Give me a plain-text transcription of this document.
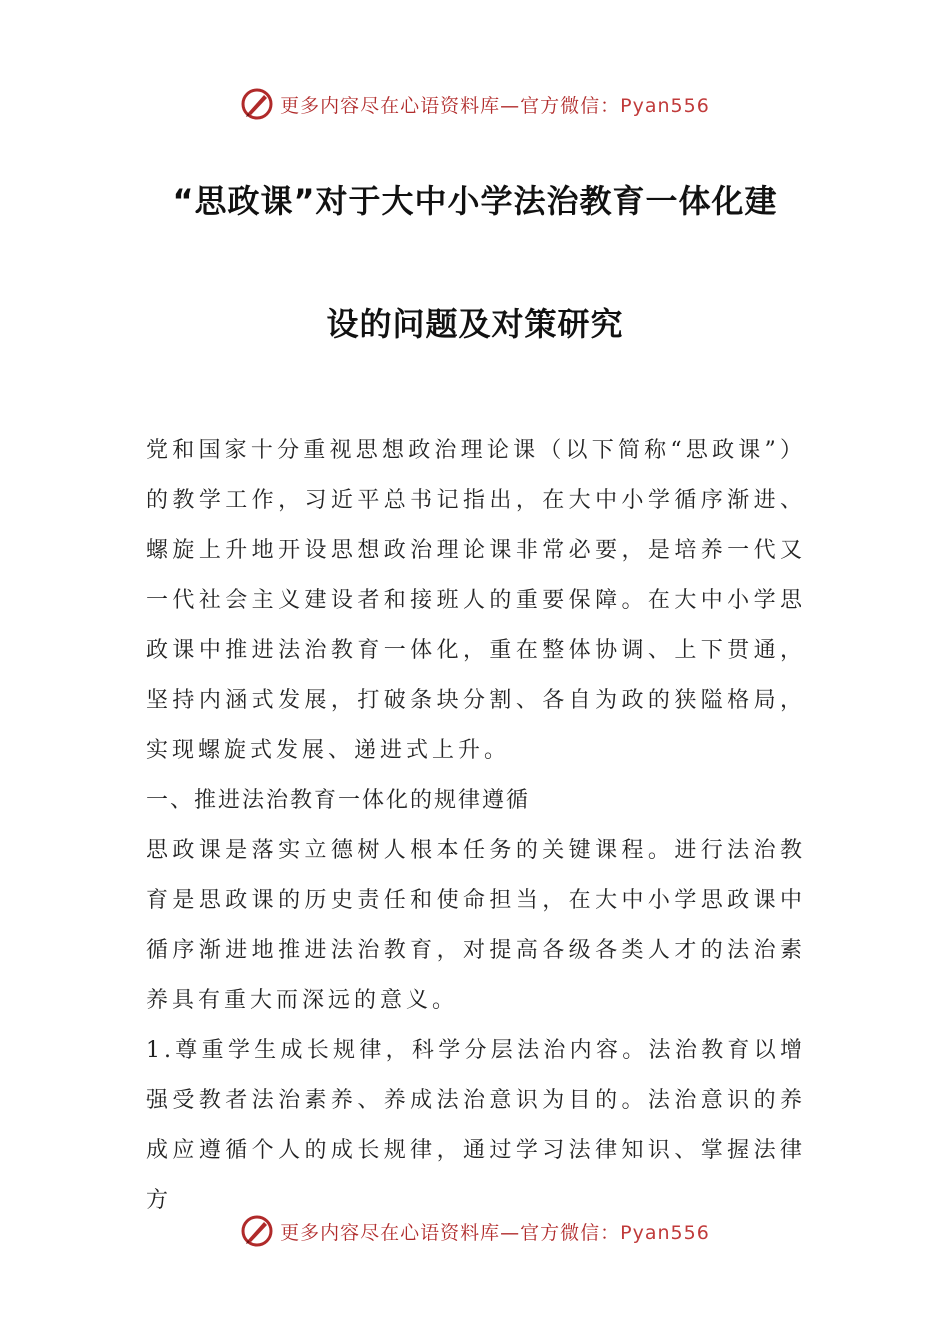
更多内容尽在心语资料库—官方微信：Pyan556
“思政课”对于大中小学法治教育一体化建
设的问题及对策研究

党和国家十分重视思想政治理论课（以下简称“思政课”）的教学工作，习近平总书记指出，在大中小学循序渐进、螺旋上升地开设思想政治理论课非常必要，是培养一代又一代社会主义建设者和接班人的重要保障。在大中小学思政课中推进法治教育一体化，重在整体协调、上下贯通，坚持内涵式发展，打破条块分割、各自为政的狭隘格局，实现螺旋式发展、递进式上升。

一、推进法治教育一体化的规律遵循

思政课是落实立德树人根本任务的关键课程。进行法治教育是思政课的历史责任和使命担当，在大中小学思政课中循序渐进地推进法治教育，对提高各级各类人才的法治素养具有重大而深远的意义。

1.尊重学生成长规律，科学分层法治内容。法治教育以增强受教者法治素养、养成法治意识为目的。法治意识的养成应遵循个人的成长规律，通过学习法律知识、掌握法律方

更多内容尽在心语资料库—官方微信：Pyan556
